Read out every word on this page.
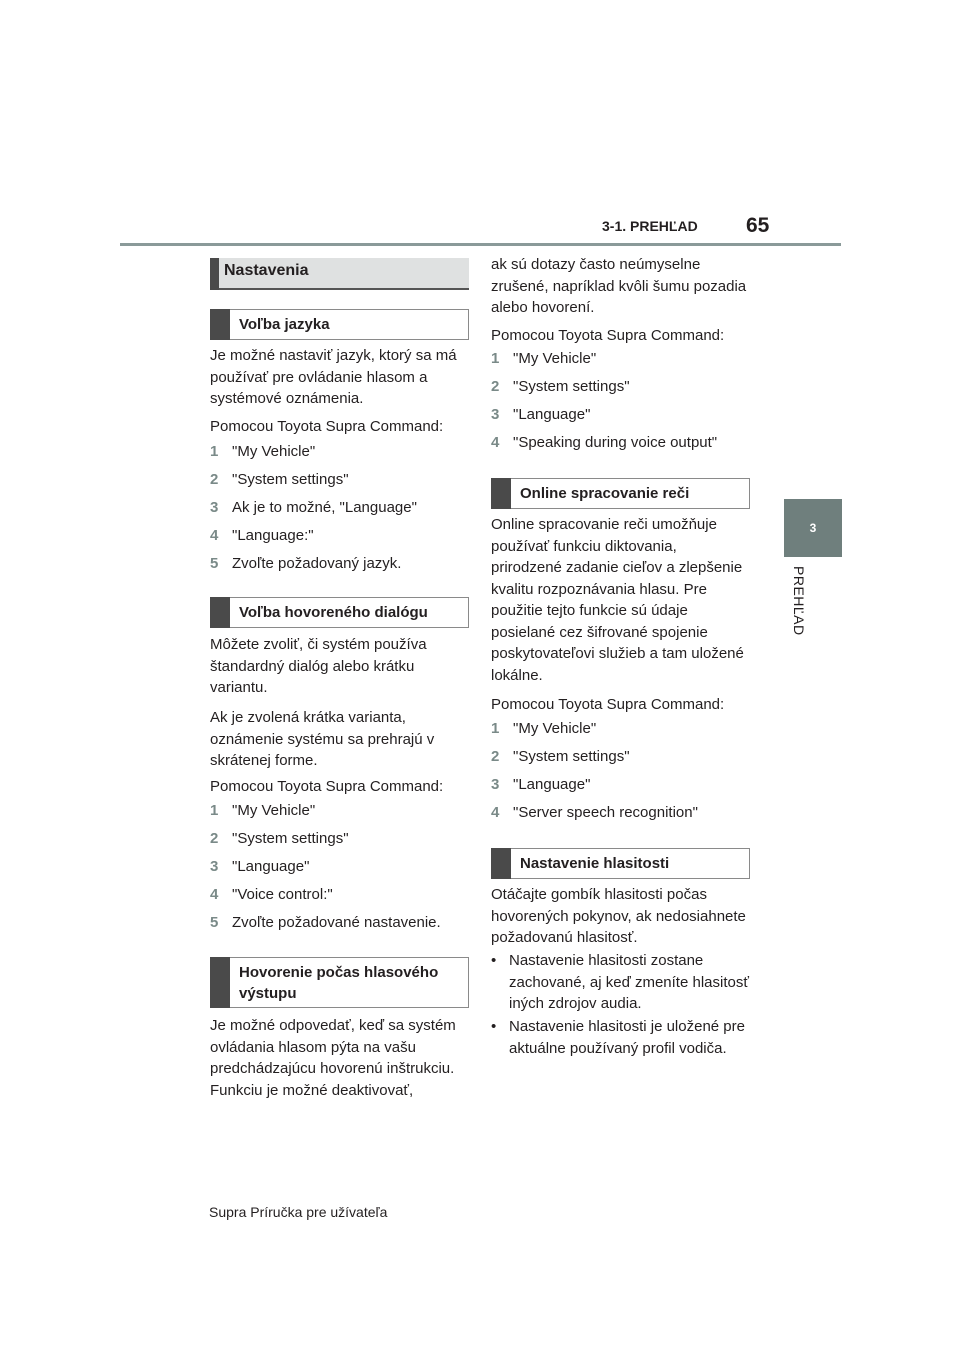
3-1. PREHĽAD 65
3
PREHĽAD
Nastavenia
Voľba jazyka
Je možné nastaviť jazyk, ktorý sa má používať pre ovládanie hlasom a systémové oznámenia.
Pomocou Toyota Supra Command:
1 "My Vehicle"
2 "System settings"
3 Ak je to možné, "Language"
4 "Language:"
5 Zvoľte požadovaný jazyk.
Voľba hovoreného dialógu
Môžete zvoliť, či systém používa štandardný dialóg alebo krátku variantu.
Ak je zvolená krátka varianta, oznámenie systému sa prehrajú v skrátenej forme.
Pomocou Toyota Supra Command:
1 "My Vehicle"
2 "System settings"
3 "Language"
4 "Voice control:"
5 Zvoľte požadované nastavenie.
Hovorenie počas hlasového výstupu
Je možné odpovedať, keď sa systém ovládania hlasom pýta na vašu predchádzajúcu hovorenú inštrukciu. Funkciu je možné deaktivovať,
ak sú dotazy často neúmyselne zrušené, napríklad kvôli šumu pozadia alebo hovorení.
Pomocou Toyota Supra Command:
1 "My Vehicle"
2 "System settings"
3 "Language"
4 "Speaking during voice output"
Online spracovanie reči
Online spracovanie reči umožňuje používať funkciu diktovania, prirodzené zadanie cieľov a zlepšenie kvalitu rozpoznávania hlasu. Pre použitie tejto funkcie sú údaje posielané cez šifrované spojenie poskytovateľovi služieb a tam uložené lokálne.
Pomocou Toyota Supra Command:
1 "My Vehicle"
2 "System settings"
3 "Language"
4 "Server speech recognition"
Nastavenie hlasitosti
Otáčajte gombík hlasitosti počas hovorených pokynov, ak nedosiahnete požadovanú hlasitosť.
• Nastavenie hlasitosti zostane zachované, aj keď zmeníte hlasitosť iných zdrojov audia.
• Nastavenie hlasitosti je uložené pre aktuálne používaný profil vodiča.
Supra Príručka pre užívateľa
